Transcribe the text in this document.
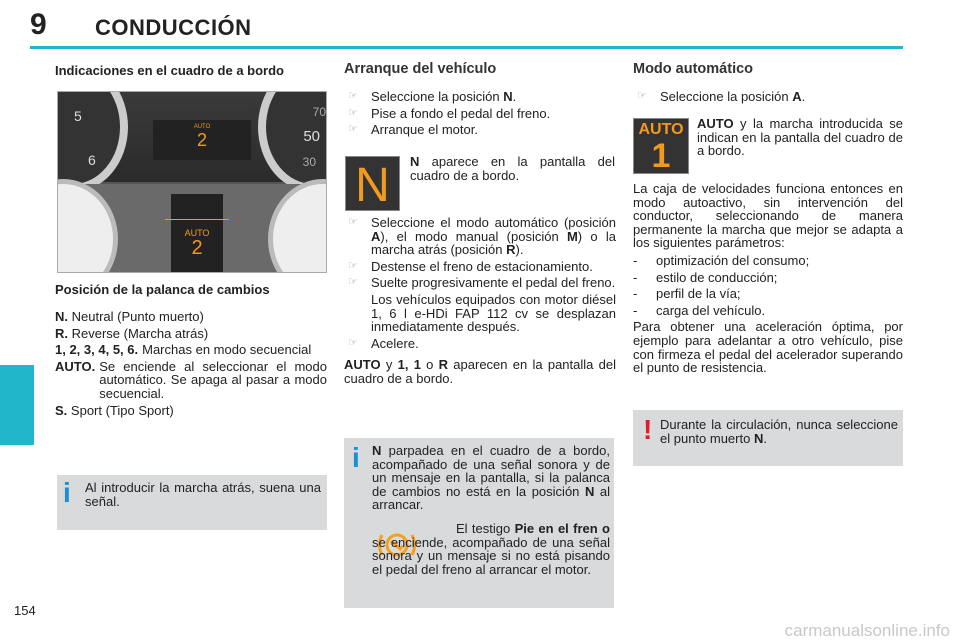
9 CONDUCCIÓN
154
Indicaciones en el cuadro de a bordo
5
6
70
50
30
AUTO
2
AUTO
2
Posición de la palanca de cambios
N. Neutral (Punto muerto)
R. Reverse (Marcha atrás)
1, 2, 3, 4, 5, 6. Marchas en modo secuencial
AUTO. Se enciende al seleccionar el modo automático. Se apaga al pasar a modo secuencial.
S. Sport (Tipo Sport)
i Al introducir la marcha atrás, suena una señal.
Arranque del vehículo
☞ Seleccione la posición N.
☞ Pise a fondo el pedal del freno.
☞ Arranque el motor.
N	N aparece en la pantalla del cuadro de a bordo.
☞ Seleccione el modo automático (posición A), el modo manual (posición M) o la marcha atrás (posición R).
☞ Destense el freno de estacionamiento.
☞ Suelte progresivamente el pedal del freno.
Los vehículos equipados con motor diésel 1, 6 l e-HDi FAP 112 cv se desplazan inmediatamente después.
☞ Acelere.
AUTO y 1, 1 o R aparecen en la pantalla del cuadro de a bordo.
i N parpadea en el cuadro de a bordo, acompañado de una señal sonora y de un mensaje en la pantalla, si la palanca de cambios no está en la posición N al arrancar.
El testigo Pie en el fren o se enciende, acompañado de una señal sonora y un mensaje si no está pisando el pedal del freno al arrancar el motor.
Modo automático
☞ Seleccione la posición A.
AUTO
1
AUTO y la marcha introducida se indican en la pantalla del cuadro de a bordo.
La caja de velocidades funciona entonces en modo autoactivo, sin intervención del conductor, seleccionando de manera permanente la marcha que mejor se adapta a los siguientes parámetros:
- optimización del consumo;
- estilo de conducción;
- perfil de la vía;
- carga del vehículo.
Para obtener una aceleración óptima, por ejemplo para adelantar a otro vehículo, pise con firmeza el pedal del acelerador superando el punto de resistencia.
! Durante la circulación, nunca seleccione el punto muerto N.
carmanualsonline.info
